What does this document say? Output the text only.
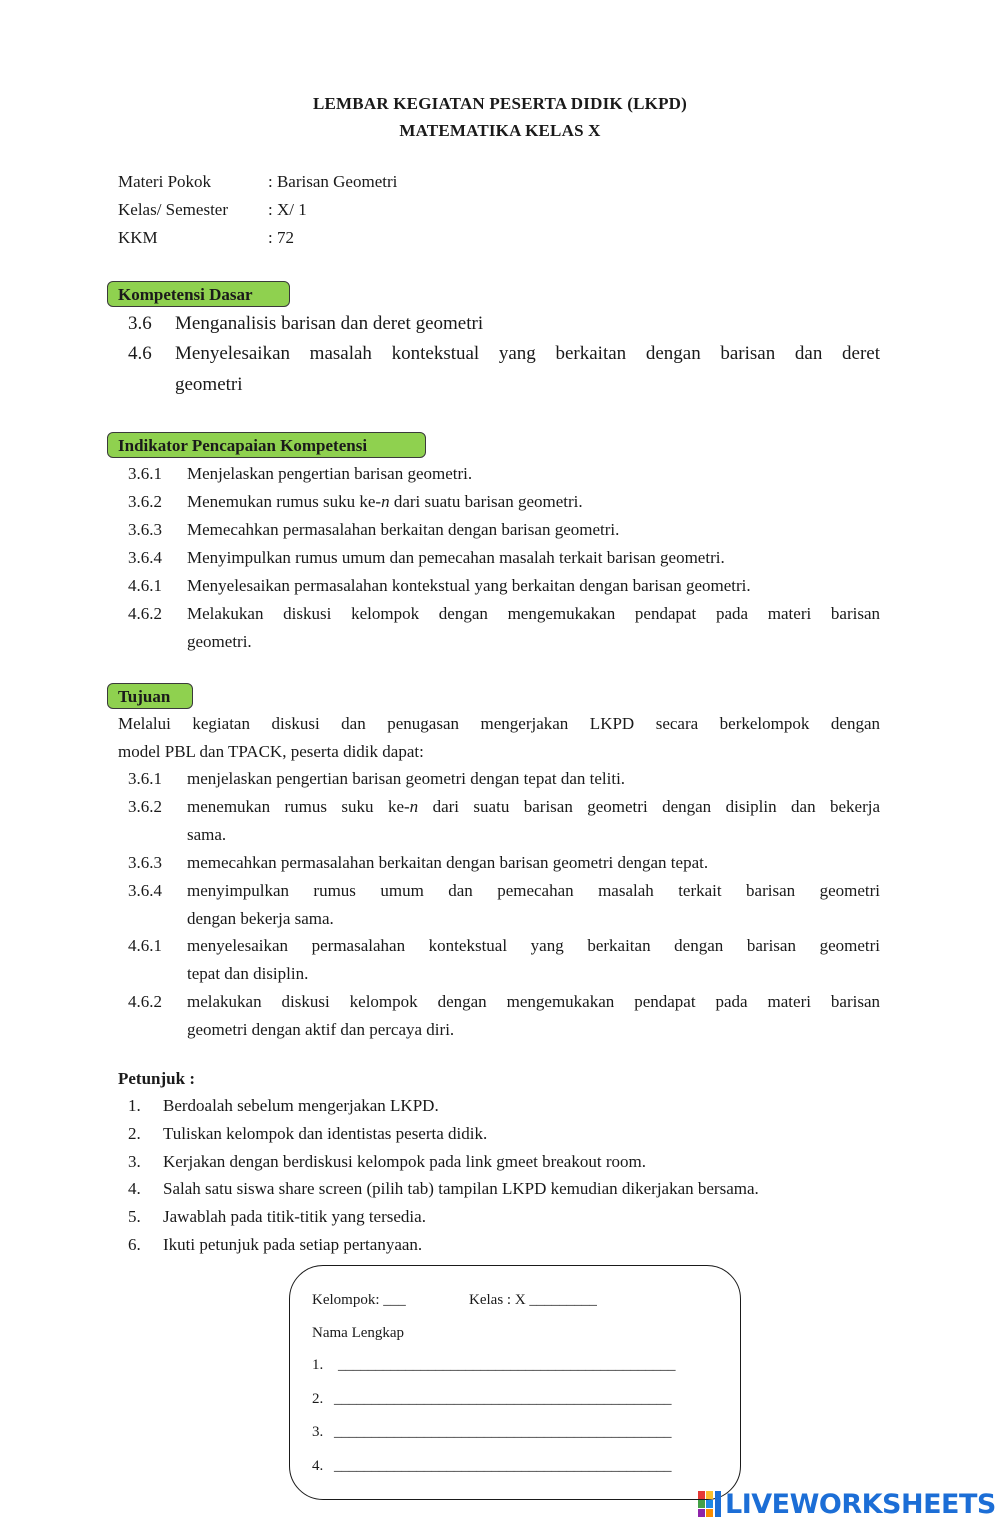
LEMBAR KEGIATAN PESERTA DIDIK (LKPD)
MATEMATIKA KELAS X
Materi Pokok	: Barisan Geometri
Kelas/ Semester : X/ 1
KKM	: 72
Kompetensi Dasar
3.6 Menganalisis barisan dan deret geometri
4.6 Menyelesaikan masalah kontekstual yang berkaitan dengan barisan dan deret
geometri
Indikator Pencapaian Kompetensi
3.6.1 Menjelaskan pengertian barisan geometri.
3.6.2 Menemukan rumus suku ke-n dari suatu barisan geometri.
3.6.3 Memecahkan permasalahan berkaitan dengan barisan geometri.
3.6.4 Menyimpulkan rumus umum dan pemecahan masalah terkait barisan geometri.
4.6.1 Menyelesaikan permasalahan kontekstual yang berkaitan dengan barisan geometri.
4.6.2 Melakukan diskusi kelompok dengan mengemukakan pendapat pada materi barisan
geometri.
Tujuan
Melalui kegiatan diskusi dan penugasan mengerjakan LKPD secara berkelompok dengan
model PBL dan TPACK, peserta didik dapat:
3.6.1 menjelaskan pengertian barisan geometri dengan tepat dan teliti.
3.6.2 menemukan rumus suku ke-n dari suatu barisan geometri dengan disiplin dan bekerja
sama.
3.6.3 memecahkan permasalahan berkaitan dengan barisan geometri dengan tepat.
3.6.4 menyimpulkan rumus umum dan pemecahan masalah terkait barisan geometri
dengan bekerja sama.
4.6.1 menyelesaikan permasalahan kontekstual yang berkaitan dengan barisan geometri
tepat dan disiplin.
4.6.2 melakukan diskusi kelompok dengan mengemukakan pendapat pada materi barisan
geometri dengan aktif dan percaya diri.
Petunjuk :
1. Berdoalah sebelum mengerjakan LKPD.
2. Tuliskan kelompok dan identistas peserta didik.
3. Kerjakan dengan berdiskusi kelompok pada link gmeet breakout room.
4. Salah satu siswa share screen (pilih tab) tampilan LKPD kemudian dikerjakan bersama.
5. Jawablah pada titik-titik yang tersedia.
6. Ikuti petunjuk pada setiap pertanyaan.
Kelompok: ___	Kelas : X _________
Nama Lengkap
1. _____________________________________________
2. _____________________________________________
3. _____________________________________________
4. _____________________________________________
LIVEWORKSHEETS
